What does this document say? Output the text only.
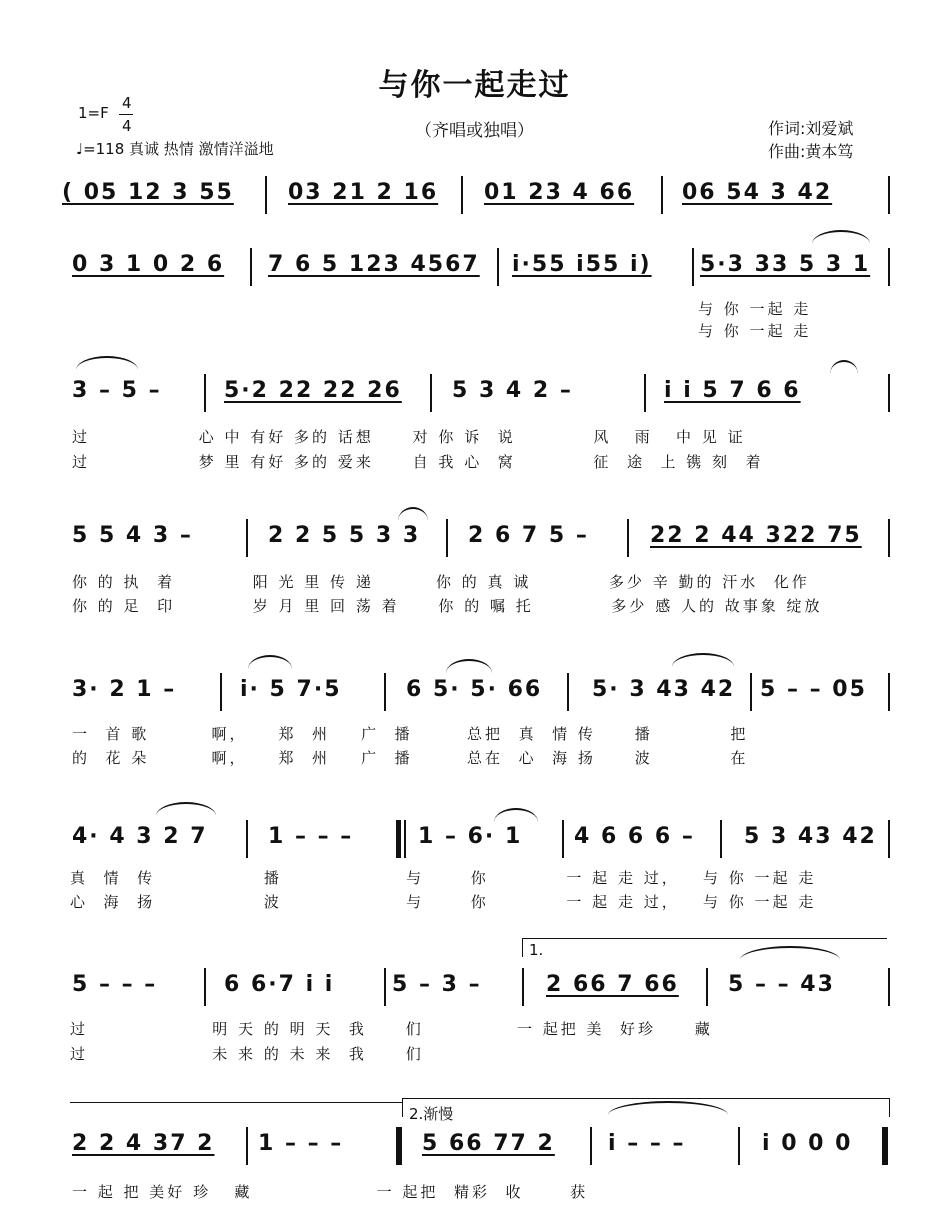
与你一起走过
（齐唱或独唱）
1=F
4
4
♩=118 真诚 热情 激情洋溢地
作词:刘爱斌
作曲:黄本笃
( 05 12 3 55 03 21 2 16 01 23 4 66 06 54 3 42
0 3 1 0 2 6 7 6 5 123 4567 i·55 i55 i) 5·3 33 5 3 1
与 你 一起 走
与 你 一起 走
3 – 5 –	5·2 22 22 26 5 3 4 2 –	i i 5 7 6 6
过              心 中 有好 多的 话想     对 你 诉  说          风   雨   中 见 证
过              梦 里 有好 多的 爱来     自 我 心  窝          征  途  上 镌 刻  着
5 5 4 3 –	2 2 5 5 3 3 2 6 7 5 –	22 2 44 322 75
你 的 执  着          阳 光 里 传 递        你 的 真 诚          多少 辛 勤的 汗水  化作
你 的 足  印          岁 月 里 回 荡 着     你 的 嘱 托          多少 感 人的 故事象 绽放
3· 2 1 –	i· 5 7·5	6 5· 5· 66 5· 3 43 42 5 – – 05
一  首 歌        啊，    郑  州    广  播       总把  真  情 传     播          把
的  花 朵        啊，    郑  州    广  播       总在  心  海 扬     波          在
4· 4 3 2 7	1 – – –	1 – 6· 1 4 6 6 6 – 5 3 43 42
真  情  传              播                与      你          一 起 走 过，   与 你 一起 走
心  海  扬              波                与      你          一 起 走 过，   与 你 一起 走
1.
5 – – –	6 6·7 i i	5 – 3 –	2 66 7 66 5 – – 43
过                明 天 的 明 天  我     们            一 起把 美  好珍     藏
过                未 来 的 未 来  我     们
2.渐慢
2 2 4 37 2 1 – – –	5 66 77 2 i – – –	i 0 0 0
一 起 把 美好 珍   藏                一 起把  精彩  收      获
